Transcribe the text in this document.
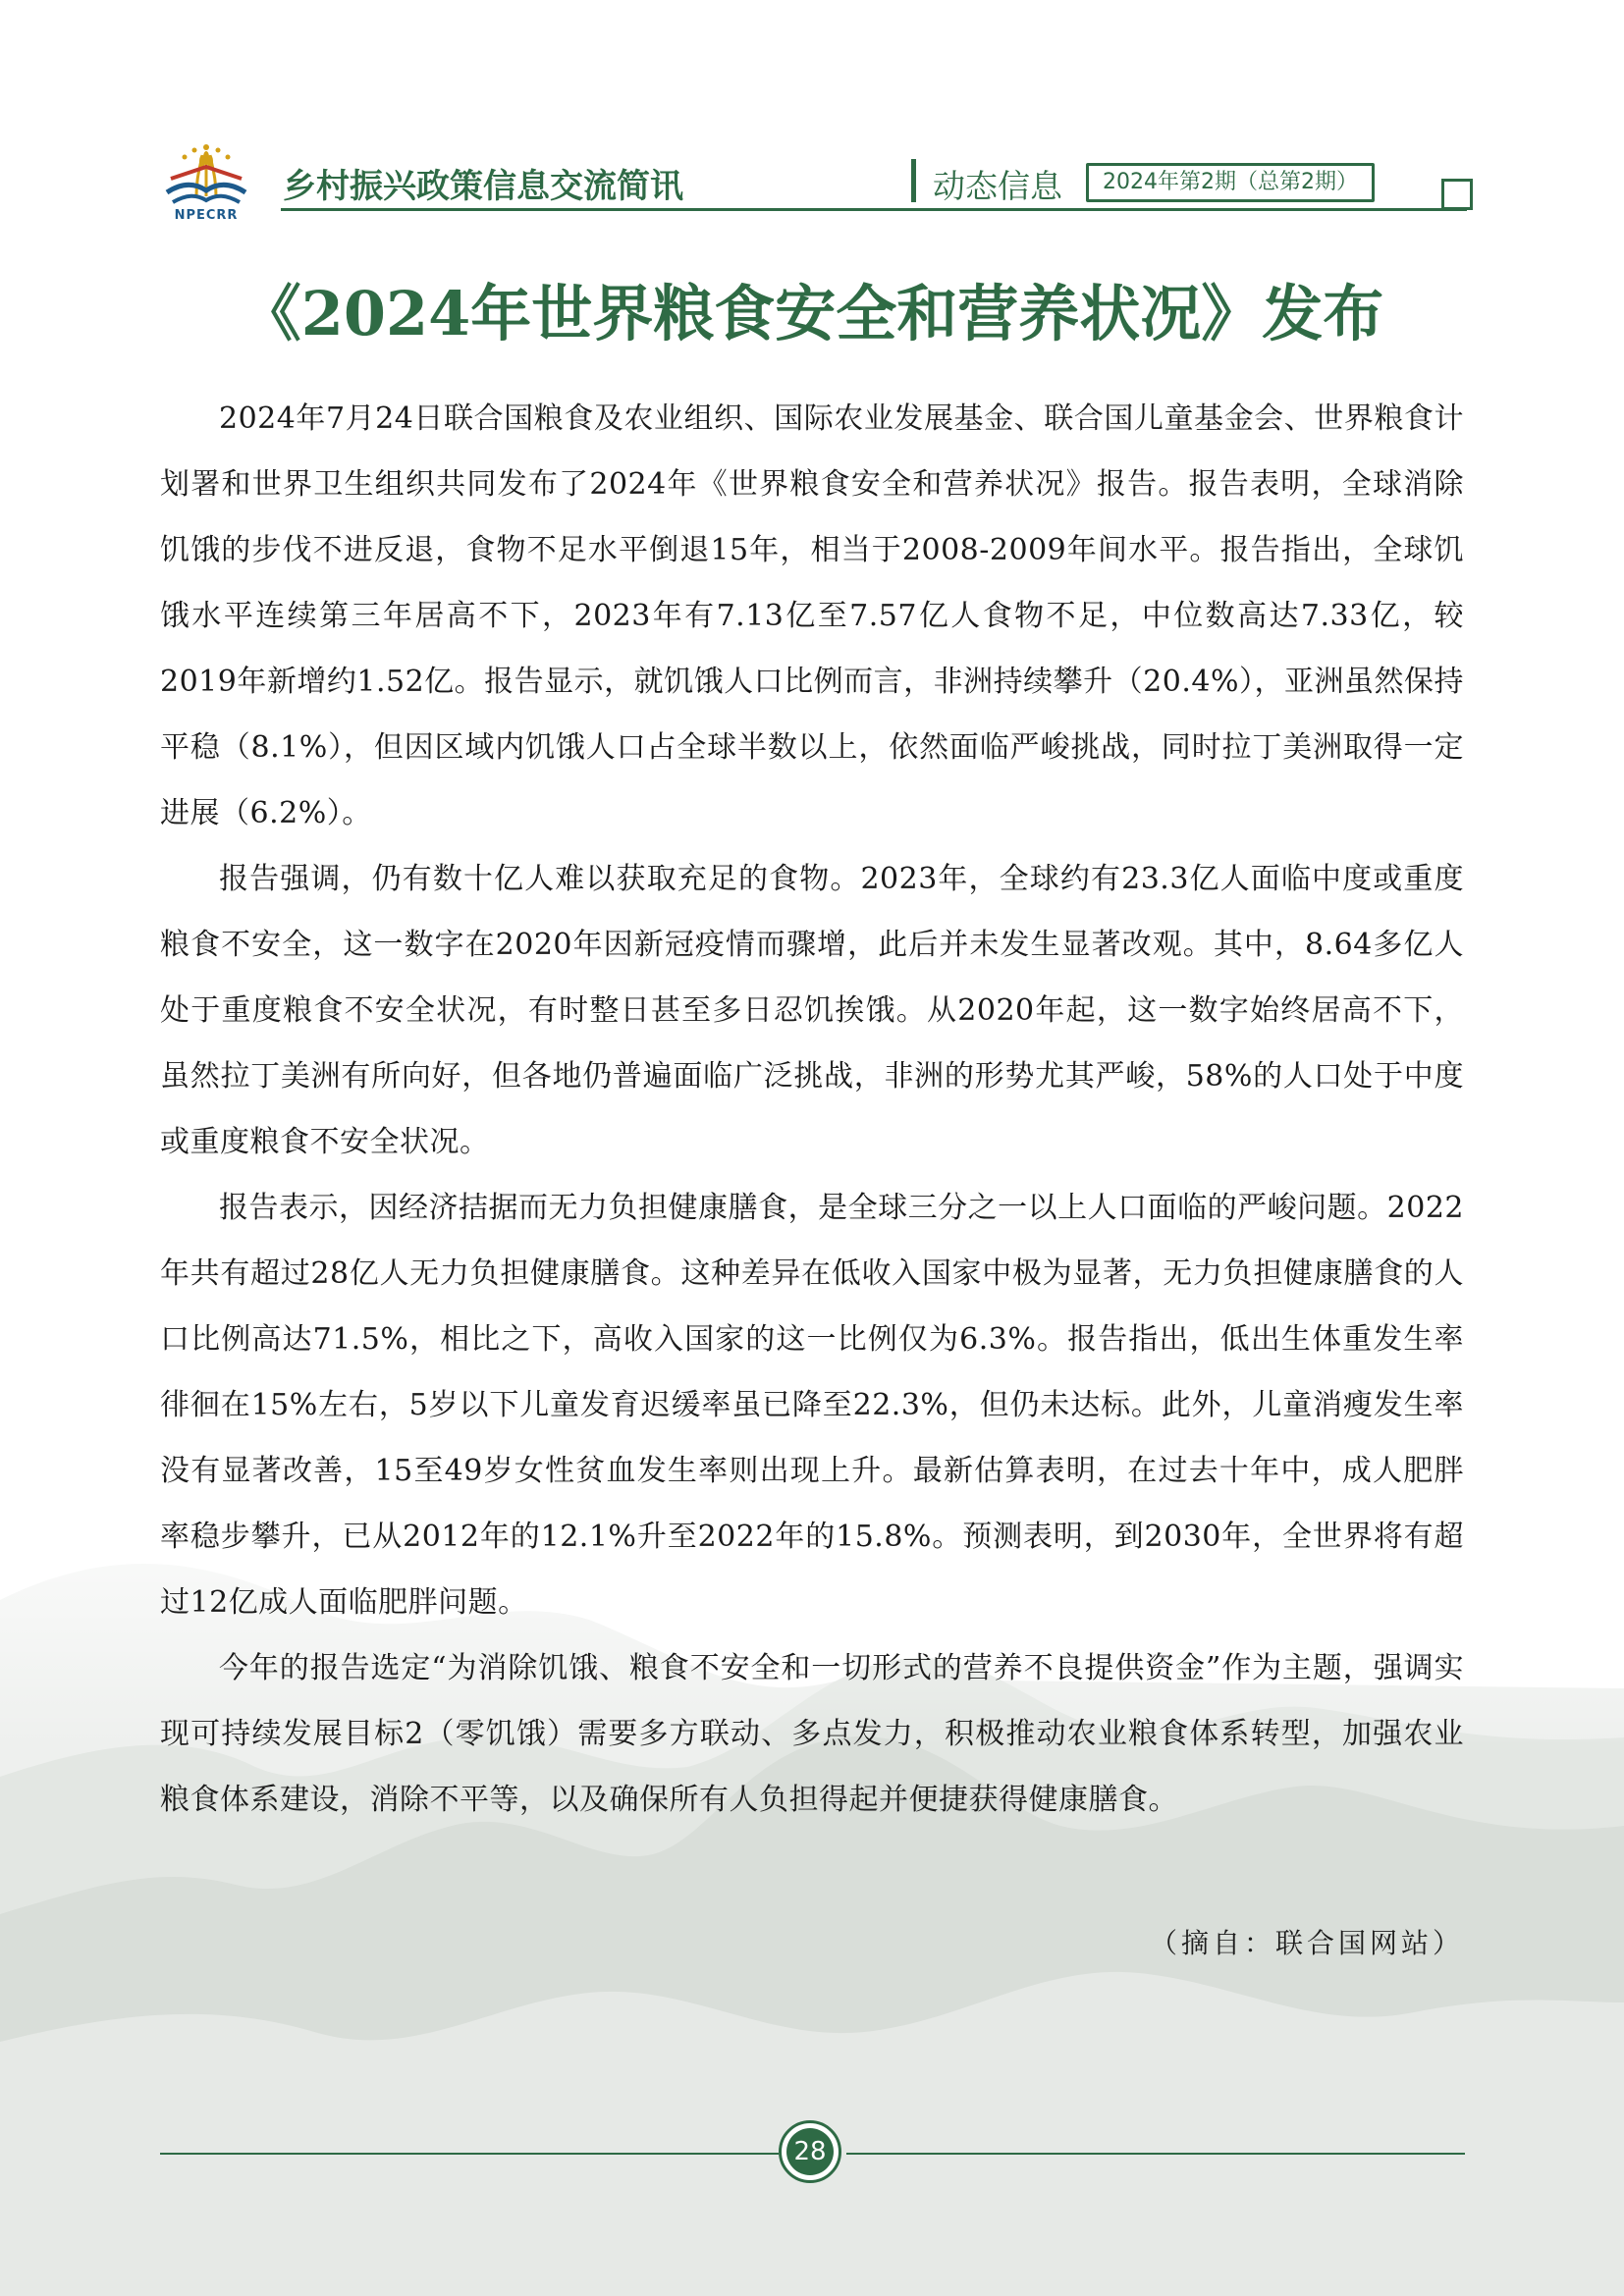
NPECRR
乡村振兴政策信息交流简讯	动态信息	2024年第2期（总第2期）
《2024年世界粮食安全和营养状况》发布

2024年7月24日联合国粮食及农业组织、国际农业发展基金、联合国儿童基金会、世界粮食计划署和世界卫生组织共同发布了2024年《世界粮食安全和营养状况》报告。报告表明，全球消除饥饿的步伐不进反退，食物不足水平倒退15年，相当于2008-2009年间水平。报告指出，全球饥饿水平连续第三年居高不下，2023年有7.13亿至7.57亿人食物不足，中位数高达7.33亿，较2019年新增约1.52亿。报告显示，就饥饿人口比例而言，非洲持续攀升（20.4%），亚洲虽然保持平稳（8.1%），但因区域内饥饿人口占全球半数以上，依然面临严峻挑战，同时拉丁美洲取得一定进展（6.2%）。

报告强调，仍有数十亿人难以获取充足的食物。2023年，全球约有23.3亿人面临中度或重度粮食不安全，这一数字在2020年因新冠疫情而骤增，此后并未发生显著改观。其中，8.64多亿人处于重度粮食不安全状况，有时整日甚至多日忍饥挨饿。从2020年起，这一数字始终居高不下，虽然拉丁美洲有所向好，但各地仍普遍面临广泛挑战，非洲的形势尤其严峻，58%的人口处于中度或重度粮食不安全状况。

报告表示，因经济拮据而无力负担健康膳食，是全球三分之一以上人口面临的严峻问题。2022年共有超过28亿人无力负担健康膳食。这种差异在低收入国家中极为显著，无力负担健康膳食的人口比例高达71.5%，相比之下，高收入国家的这一比例仅为6.3%。报告指出，低出生体重发生率徘徊在15%左右，5岁以下儿童发育迟缓率虽已降至22.3%，但仍未达标。此外，儿童消瘦发生率没有显著改善，15至49岁女性贫血发生率则出现上升。最新估算表明，在过去十年中，成人肥胖率稳步攀升，已从2012年的12.1%升至2022年的15.8%。预测表明，到2030年，全世界将有超过12亿成人面临肥胖问题。

今年的报告选定“为消除饥饿、粮食不安全和一切形式的营养不良提供资金”作为主题，强调实现可持续发展目标2（零饥饿）需要多方联动、多点发力，积极推动农业粮食体系转型，加强农业粮食体系建设，消除不平等，以及确保所有人负担得起并便捷获得健康膳食。

（摘自：联合国网站）
28
